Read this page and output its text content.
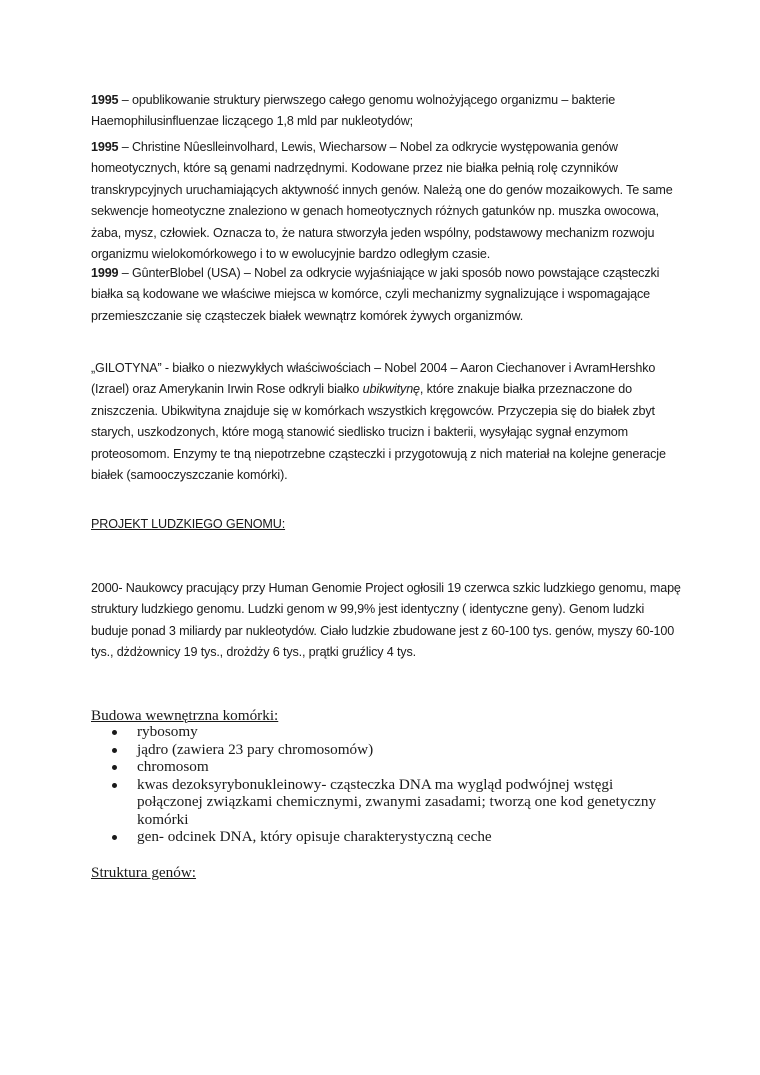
1995 – opublikowanie struktury pierwszego całego genomu wolnożyjącego organizmu – bakterie Haemophilusinfluenzae liczącego 1,8 mld par nukleotydów;

1995 – Christine Nȗeslleinvolhard, Lewis, Wiecharsow – Nobel za odkrycie występowania genów homeotycznych, które są genami nadrzędnymi. Kodowane przez nie białka pełnią rolę czynników transkrypcyjnych uruchamiających aktywność innych genów. Należą one do genów mozaikowych. Te same sekwencje homeotyczne znaleziono w genach homeotycznych różnych gatunków np. muszka owocowa, żaba, mysz, człowiek. Oznacza to, że natura stworzyła jeden wspólny, podstawowy mechanizm rozwoju organizmu wielokomórkowego i to w ewolucyjnie bardzo odległym czasie.

1999 – GȗnterBlobel (USA) – Nobel za odkrycie wyjaśniające w jaki sposób nowo powstające cząsteczki białka są kodowane we właściwe miejsca w komórce, czyli mechanizmy sygnalizujące i wspomagające przemieszczanie się cząsteczek białek wewnątrz komórek żywych organizmów.

„GILOTYNA” - białko o niezwykłych właściwościach – Nobel 2004 – Aaron Ciechanover i AvramHershko (Izrael) oraz Amerykanin Irwin Rose odkryli białko ubikwitynę, które znakuje białka przeznaczone do zniszczenia. Ubikwityna znajduje się w komórkach wszystkich kręgowców. Przyczepia się do białek zbyt starych, uszkodzonych, które mogą stanowić siedlisko trucizn i bakterii, wysyłając sygnał enzymom proteosomom. Enzymy te tną niepotrzebne cząsteczki i przygotowują z nich materiał na kolejne generacje białek (samooczyszczanie komórki).

PROJEKT LUDZKIEGO GENOMU:

2000- Naukowcy pracujący przy Human Genomie Project ogłosili 19 czerwca szkic ludzkiego genomu, mapę struktury ludzkiego genomu. Ludzki genom w 99,9% jest identyczny ( identyczne geny). Genom ludzki buduje ponad 3 miliardy par nukleotydów. Ciało ludzkie zbudowane jest z 60-100 tys. genów, myszy 60-100 tys., dżdżownicy 19 tys., drożdży 6 tys., prątki gruźlicy 4 tys.

Budowa wewnętrzna komórki:

rybosomy
jądro (zawiera 23 pary chromosomów)
chromosom
kwas dezoksyrybonukleinowy- cząsteczka DNA ma wygląd podwójnej wstęgi połączonej związkami chemicznymi, zwanymi zasadami; tworzą one kod genetyczny komórki
gen- odcinek DNA, który opisuje charakterystyczną ceche

Struktura genów:
